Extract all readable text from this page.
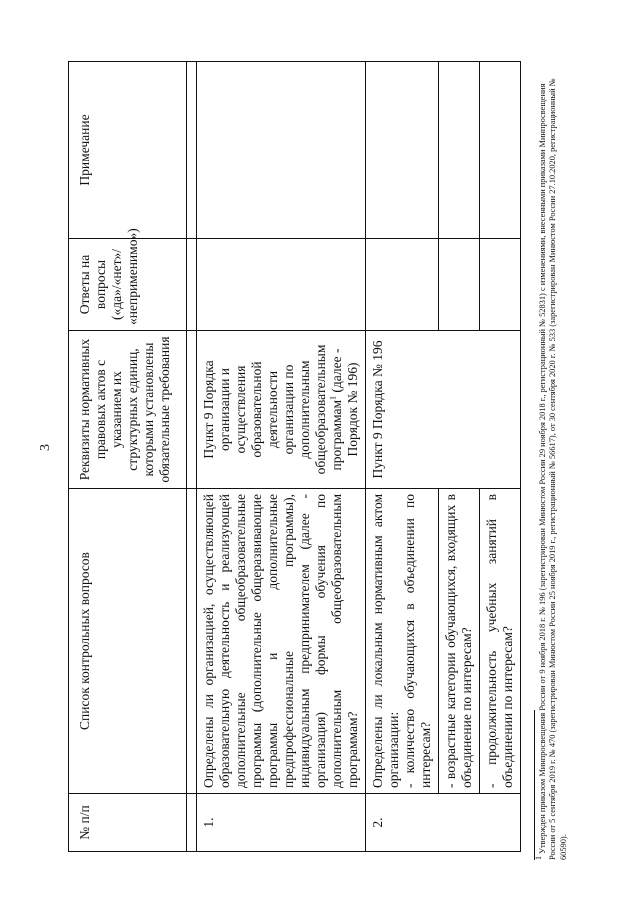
3
№ п/п	Список контрольных вопросов	Реквизиты нормативных правовых актов с указанием их структурных единиц, которыми установлены обязательные требования	Ответы на вопросы («да»/«нет»/ «неприменимо»)	Примечание

1.	Определены ли организацией, осуществляющей образовательную деятельность и реализующей дополнительные общеобразовательные программы (дополнительные общеразвивающие программы и дополнительные предпрофессиональные программы), индивидуальным предпринимателем (далее - организация) формы обучения по дополнительным общеобразовательным программам?	Пункт 9 Порядка организации и осуществления образовательной деятельности организации по дополнительным общеобразовательным программам$^1$ (далее - Порядок № 196)		
2.	Определены ли локальным нормативным актом организации: - количество обучающихся в объединении по интересам?	Пункт 9 Порядка № 196		
	- возрастные категории обучающихся, входящих в объединение по интересам?			
	- продолжительность учебных занятий в объединении по интересам?			
$^1$ Утвержден приказом Минпросвещения России от 9 ноября 2018 г. № 196 (зарегистрирован Минюстом России 29 ноября 2018 г., регистрационный № 52831) с изменениями, внесенными приказами Минпросвещения России от 5 сентября 2019 г. № 470 (зарегистрирован Минюстом России 25 ноября 2019 г., регистрационный № 56617), от 30 сентября 2020 г. № 533 (зарегистрирован Минюстом России 27.10.2020, регистрационный № 60590).
